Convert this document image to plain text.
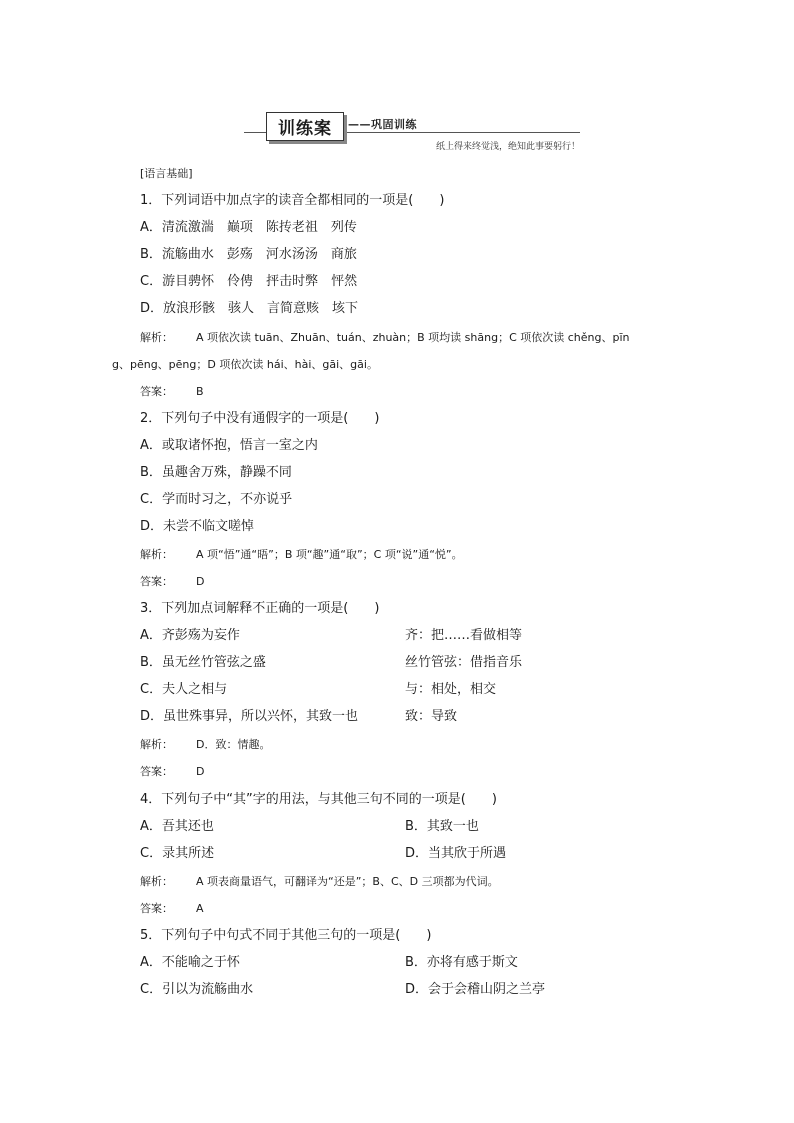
训练案 ——巩固训练
纸上得来终觉浅，绝知此事要躬行！
[语言基础]
1．下列词语中加点字的读音全都相同的一项是(　　)
A．清流激湍　巅项　陈抟老祖　列传
B．流觞曲水　彭殇　河水汤汤　商旅
C．游目骋怀　伶俜　抨击时弊　怦然
D．放浪形骸　骇人　言简意赅　垓下
解析： A 项依次读 tuān、Zhuān、tuán、zhuàn；B 项均读 shāng；C 项依次读 chěng、pīn
g、pēng、pēng；D 项依次读 hái、hài、gāi、gāi。
答案： B
2．下列句子中没有通假字的一项是(　　)
A．或取诸怀抱，悟言一室之内
B．虽趣舍万殊，静躁不同
C．学而时习之，不亦说乎
D．未尝不临文嗟悼
解析： A 项“悟”通“晤”；B 项“趣”通“取”；C 项“说”通“悦”。
答案： D
3．下列加点词解释不正确的一项是(　　)
A．齐彭殇为妄作	齐：把……看做相等
B．虽无丝竹管弦之盛	丝竹管弦：借指音乐
C．夫人之相与	与：相处，相交
D．虽世殊事异，所以兴怀，其致一也	致：导致
解析： D．致：情趣。
答案： D
4．下列句子中“其”字的用法，与其他三句不同的一项是(　　)
A．吾其还也	B．其致一也
C．录其所述	D．当其欣于所遇
解析： A 项表商量语气，可翻译为“还是”；B、C、D 三项都为代词。
答案： A
5．下列句子中句式不同于其他三句的一项是(　　)
A．不能喻之于怀	B．亦将有感于斯文
C．引以为流觞曲水	D．会于会稽山阴之兰亭
